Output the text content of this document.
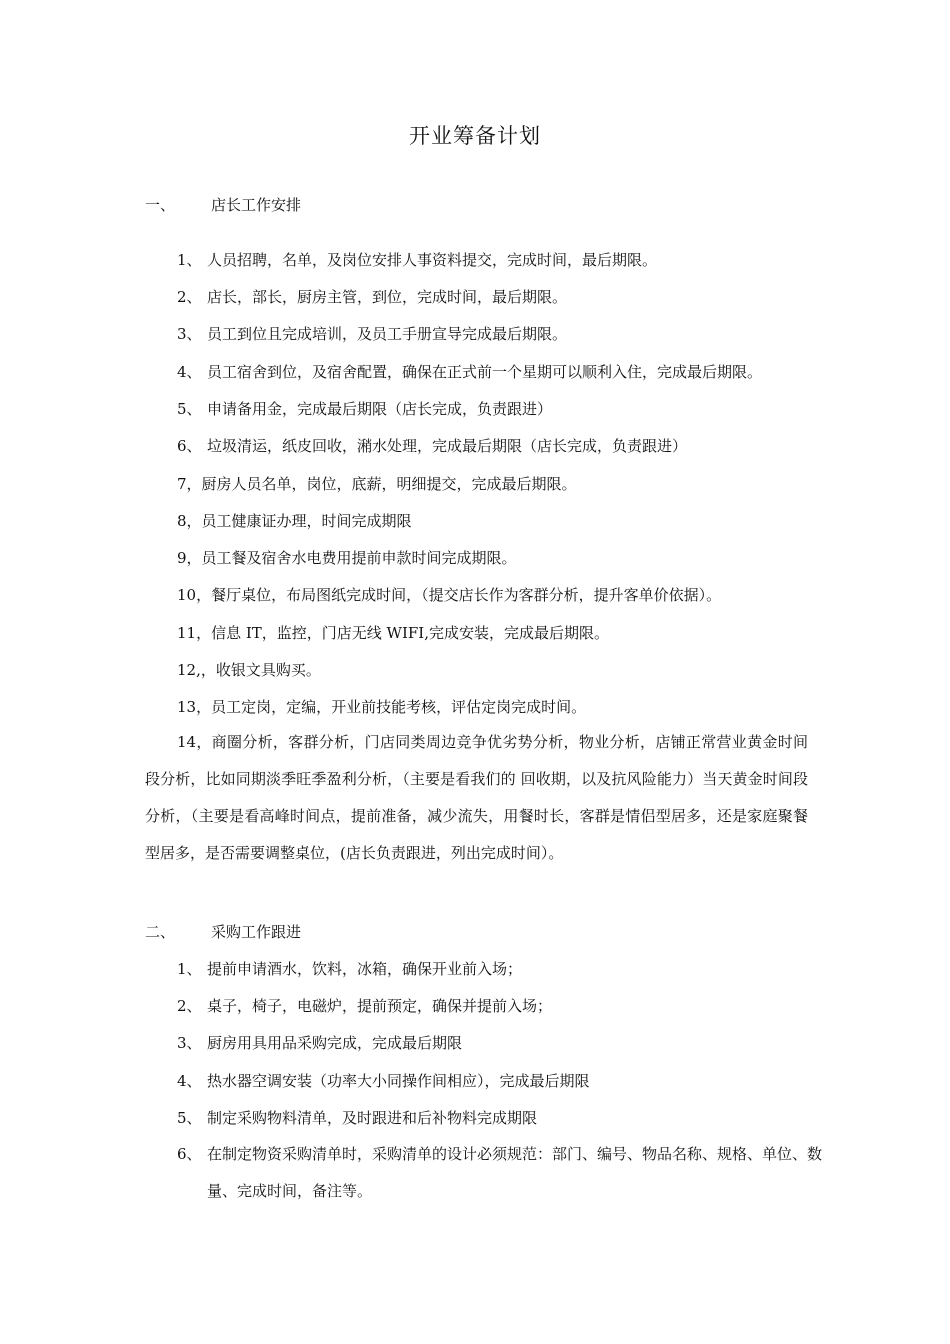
开业筹备计划
一、 店长工作安排
1、 人员招聘，名单，及岗位安排人事资料提交，完成时间，最后期限。
2、 店长，部长，厨房主管，到位，完成时间，最后期限。
3、 员工到位且完成培训，及员工手册宣导完成最后期限。
4、 员工宿舍到位，及宿舍配置，确保在正式前一个星期可以顺利入住，完成最后期限。
5、 申请备用金，完成最后期限（店长完成，负责跟进）
6、 垃圾清运，纸皮回收，潲水处理，完成最后期限（店长完成，负责跟进）
7，厨房人员名单，岗位，底薪，明细提交，完成最后期限。
8，员工健康证办理，时间完成期限
9，员工餐及宿舍水电费用提前申款时间完成期限。
10，餐厅桌位，布局图纸完成时间，（提交店长作为客群分析，提升客单价依据）。
11，信息 IT，监控，门店无线 WIFI,完成安装，完成最后期限。
12,，收银文具购买。
13，员工定岗，定编，开业前技能考核，评估定岗完成时间。
14，商圈分析，客群分析，门店同类周边竞争优劣势分析，物业分析，店铺正常营业黄金时间段分析，比如同期淡季旺季盈利分析，（主要是看我们的 回收期，以及抗风险能力）当天黄金时间段分析，（主要是看高峰时间点，提前准备，减少流失，用餐时长，客群是情侣型居多，还是家庭聚餐型居多，是否需要调整桌位，(店长负责跟进，列出完成时间）。
二、 采购工作跟进
1、 提前申请酒水，饮料，冰箱，确保开业前入场；
2、 桌子，椅子，电磁炉，提前预定，确保并提前入场；
3、 厨房用具用品采购完成，完成最后期限
4、 热水器空调安装（功率大小同操作间相应），完成最后期限
5、 制定采购物料清单，及时跟进和后补物料完成期限
6、 在制定物资采购清单时，采购清单的设计必须规范：部门、编号、物品名称、规格、单位、数量、完成时间，备注等。
